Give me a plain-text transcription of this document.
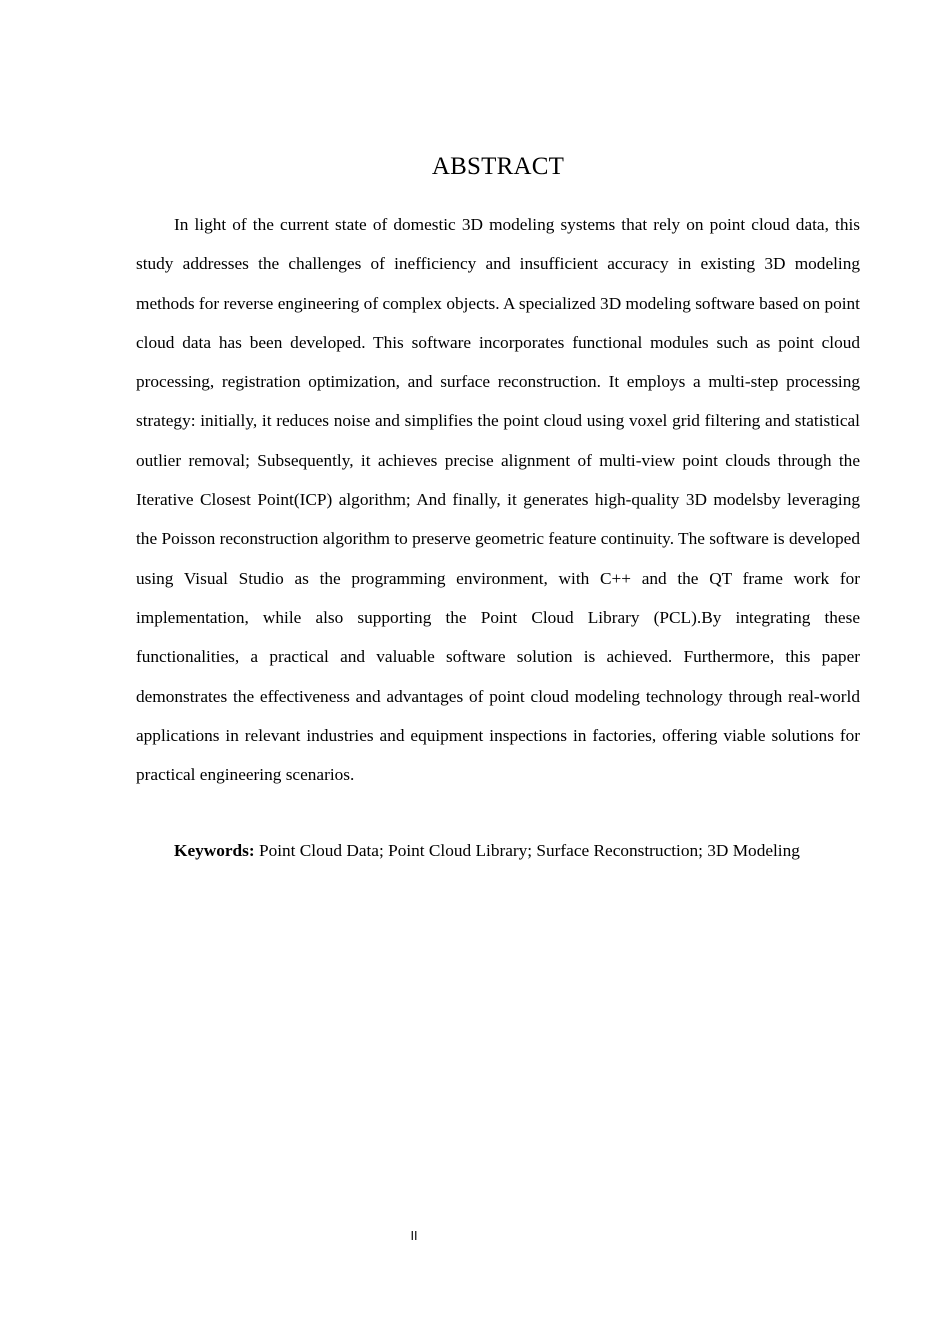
ABSTRACT

In light of the current state of domestic 3D modeling systems that rely on point cloud data, this study addresses the challenges of inefficiency and insufficient accuracy in existing 3D modeling methods for reverse engineering of complex objects. A specialized 3D modeling software based on point cloud data has been developed. This software incorporates functional modules such as point cloud processing, registration optimization, and surface reconstruction. It employs a multi-step processing strategy: initially, it reduces noise and simplifies the point cloud using voxel grid filtering and statistical outlier removal; Subsequently, it achieves precise alignment of multi-view point clouds through the Iterative Closest Point(ICP) algorithm; And finally, it generates high-quality 3D modelsby leveraging the Poisson reconstruction algorithm to preserve geometric feature continuity. The software is developed using Visual Studio as the programming environment, with C++ and the QT frame work for implementation, while also supporting the Point Cloud Library (PCL).By integrating these functionalities, a practical and valuable software solution is achieved. Furthermore, this paper demonstrates the effectiveness and advantages of point cloud modeling technology through real-world applications in relevant industries and equipment inspections in factories, offering viable solutions for practical engineering scenarios.

Keywords: Point Cloud Data; Point Cloud Library; Surface Reconstruction; 3D Modeling

II
